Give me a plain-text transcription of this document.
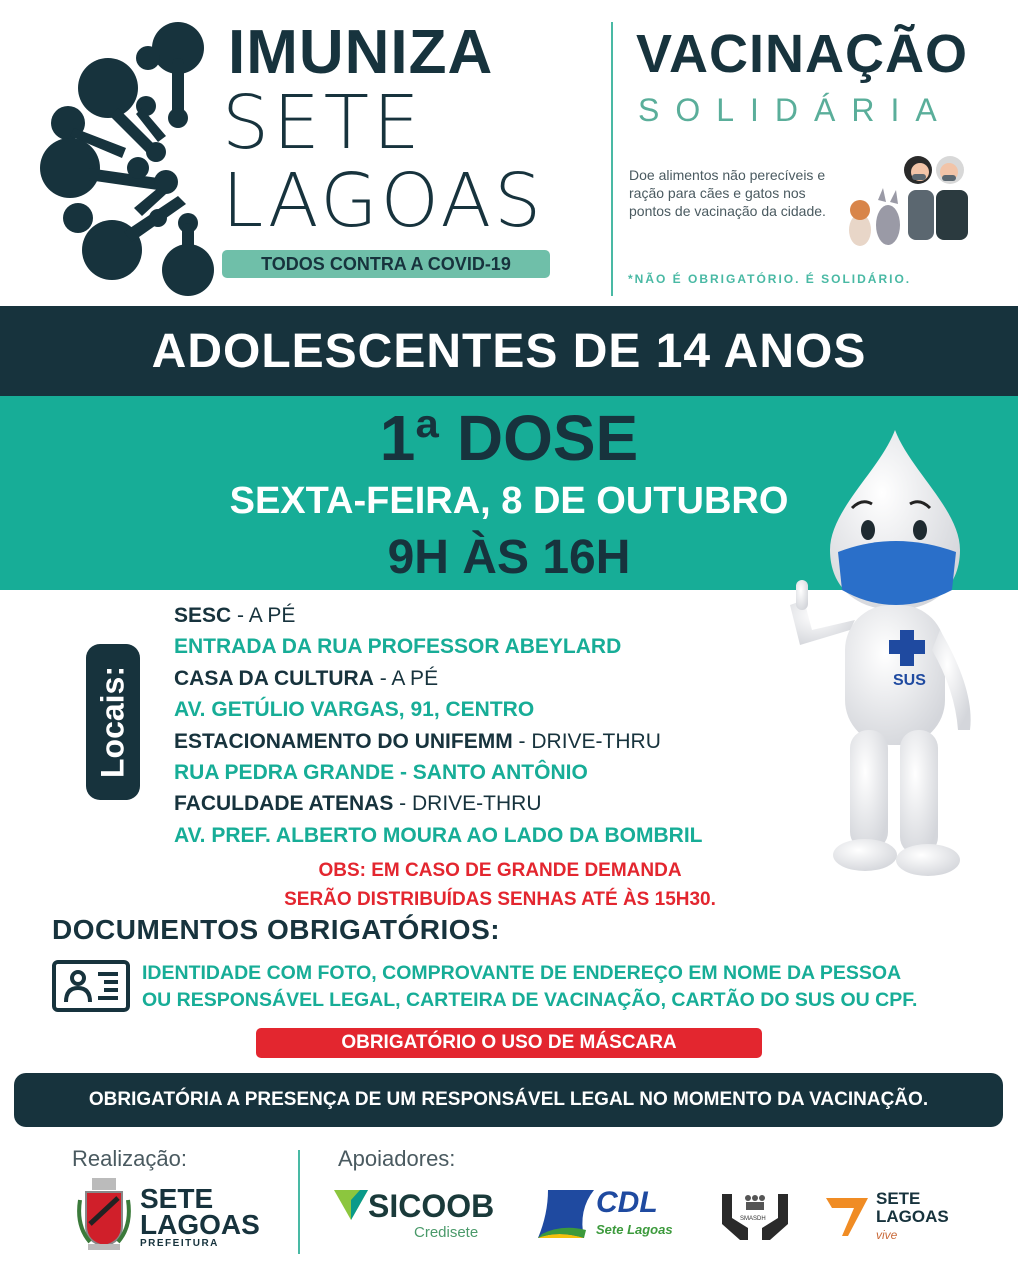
IMUNIZA
SETE
LAGOAS
TODOS CONTRA A COVID-19
VACINAÇÃO
SOLIDÁRIA
Doe alimentos não perecíveis e ração para cães e gatos nos pontos de vacinação da cidade.
*NÃO É OBRIGATÓRIO. É SOLIDÁRIO.
ADOLESCENTES DE 14 ANOS
1ª DOSE
SEXTA-FEIRA, 8 DE OUTUBRO
9H ÀS 16H
SUS
Locais:
SESC - A PÉ
ENTRADA DA RUA PROFESSOR ABEYLARD
CASA DA CULTURA - A PÉ
AV. GETÚLIO VARGAS, 91, CENTRO
ESTACIONAMENTO DO UNIFEMM - DRIVE-THRU
RUA PEDRA GRANDE - SANTO ANTÔNIO
FACULDADE ATENAS - DRIVE-THRU
AV. PREF. ALBERTO MOURA AO LADO DA BOMBRIL
OBS: EM CASO DE GRANDE DEMANDA
SERÃO DISTRIBUÍDAS SENHAS ATÉ ÀS 15H30.
DOCUMENTOS OBRIGATÓRIOS:
IDENTIDADE COM FOTO, COMPROVANTE DE ENDEREÇO EM NOME DA PESSOA
OU RESPONSÁVEL LEGAL, CARTEIRA DE VACINAÇÃO, CARTÃO DO SUS OU CPF.
OBRIGATÓRIO O USO DE MÁSCARA
OBRIGATÓRIA A PRESENÇA DE UM RESPONSÁVEL LEGAL NO MOMENTO DA VACINAÇÃO.
Realização:	Apoiadores:
SETE
LAGOAS
PREFEITURA
SICOOB
Credisete
CDL
Sete Lagoas
SMASDH
SETE
LAGOAS
vive
